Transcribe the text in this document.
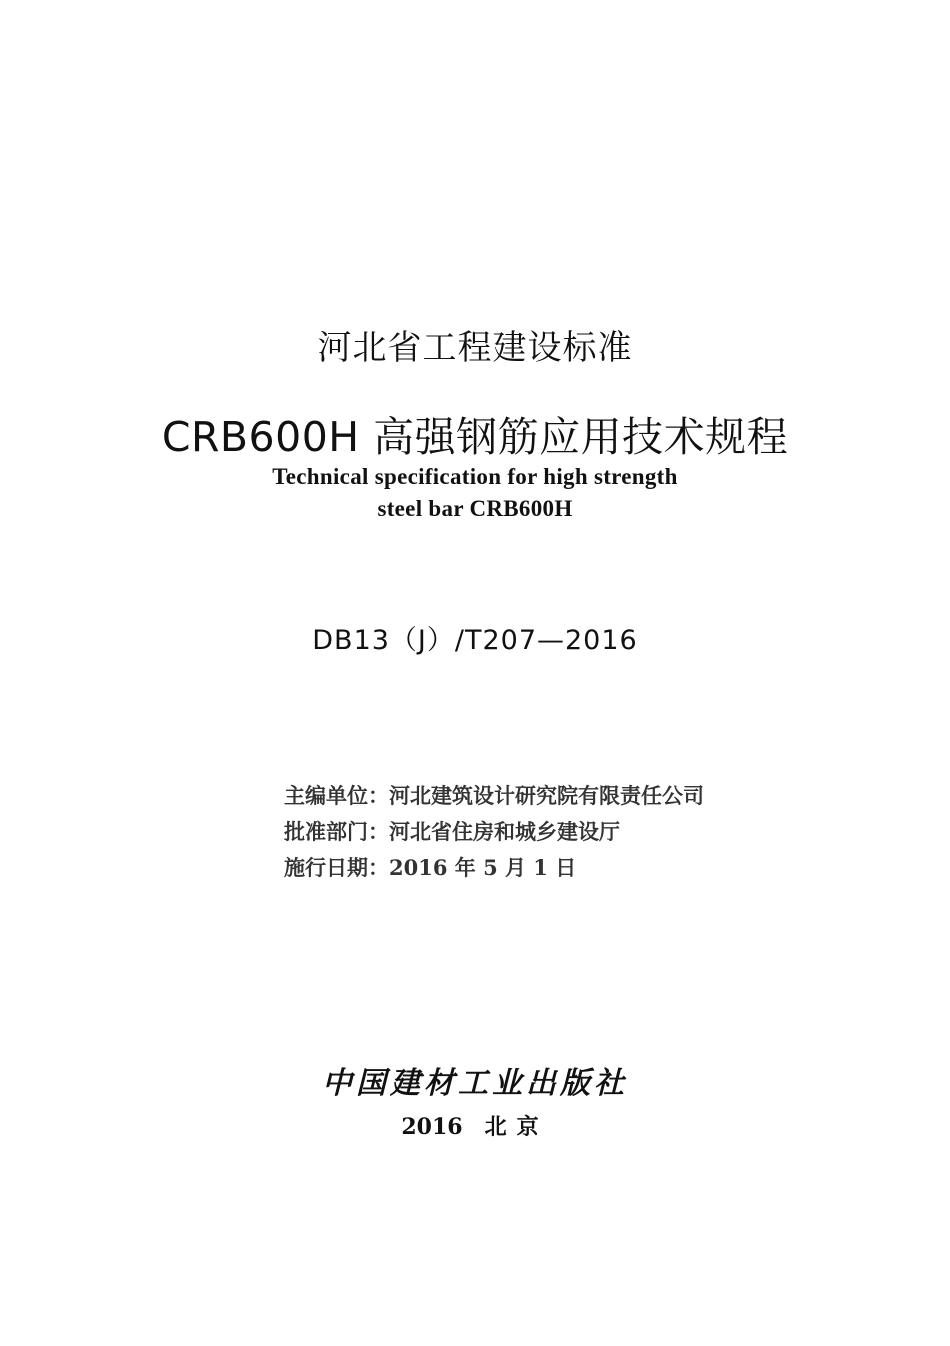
河北省工程建设标准
CRB600H 高强钢筋应用技术规程
Technical specification for high strength
steel bar CRB600H
DB13（J）/T207—2016
主编单位：河北建筑设计研究院有限责任公司
批准部门：河北省住房和城乡建设厅
施行日期：2016 年 5 月 1 日
中国建材工业出版社
2016 北京
